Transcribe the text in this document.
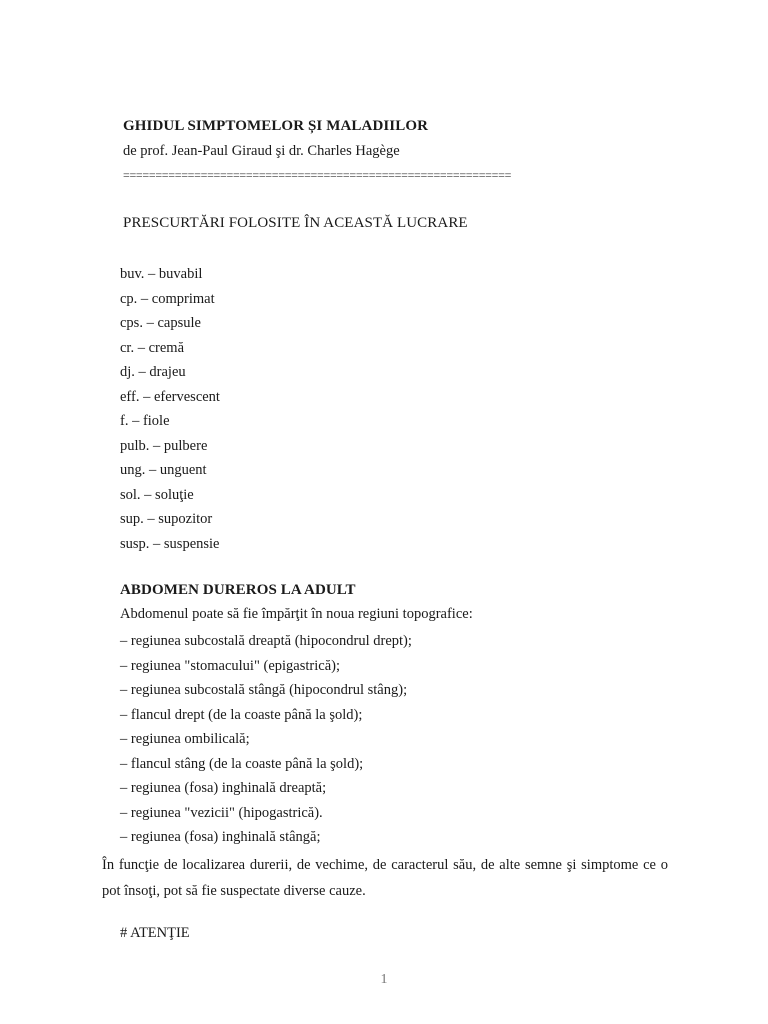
GHIDUL SIMPTOMELOR ȘI MALADIILOR
de prof. Jean-Paul Giraud şi dr. Charles Hagège
============================================================
PRESCURTĂRI FOLOSITE ÎN ACEASTĂ LUCRARE
buv. – buvabil
cp. – comprimat
cps. – capsule
cr. – cremă
dj. – drajeu
eff. – efervescent
f. – fiole
pulb. – pulbere
ung. – unguent
sol. – soluţie
sup. – supozitor
susp. – suspensie
ABDOMEN DUREROS LA ADULT
Abdomenul poate să fie împărţit în noua regiuni topografice:
– regiunea subcostală dreaptă (hipocondrul drept);
– regiunea "stomacului" (epigastrică);
– regiunea subcostală stângă (hipocondrul stâng);
– flancul drept (de la coaste până la şold);
– regiunea ombilicală;
– flancul stâng (de la coaste până la şold);
– regiunea (fosa) inghinală dreaptă;
– regiunea "vezicii" (hipogastrică).
– regiunea (fosa) inghinală stângă;
În funcţie de localizarea durerii, de vechime, de caracterul său, de alte semne şi simptome ce o pot însoţi, pot să fie suspectate diverse cauze.
# ATENŢIE
1
